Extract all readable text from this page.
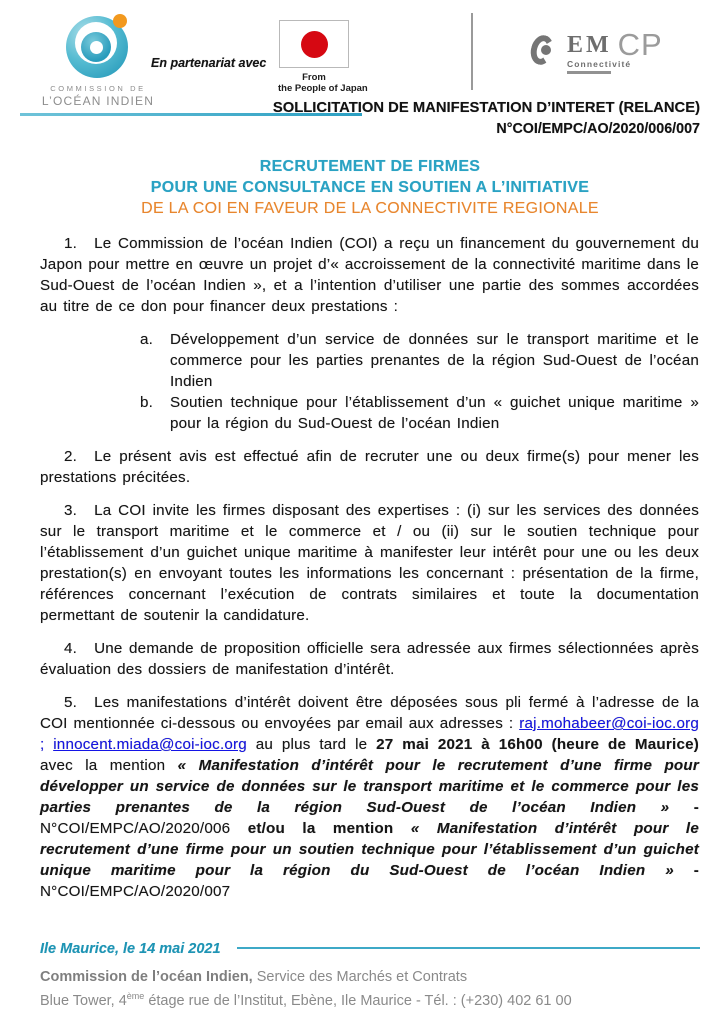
COMMISSION DE
L’OCÉAN INDIEN
En partenariat avec
From
the People of Japan
EM CP
Connectivité
SOLLICITATION DE MANIFESTATION D’INTERET (RELANCE)
N°COI/EMPC/AO/2020/006/007
RECRUTEMENT DE FIRMES
POUR UNE CONSULTANCE EN SOUTIEN A L’INITIATIVE
DE LA COI EN FAVEUR DE LA CONNECTIVITE REGIONALE

1. Le Commission de l’océan Indien (COI) a reçu un financement du gouvernement du Japon pour mettre en œuvre un projet d’« accroissement de la connectivité maritime dans le Sud-Ouest de l’océan Indien », et a l’intention d’utiliser une partie des sommes accordées au titre de ce don pour financer deux prestations :

a.	Développement d’un service de données sur le transport maritime et le commerce pour les parties prenantes de la région Sud-Ouest de l’océan Indien
b.	Soutien technique pour l’établissement d’un « guichet unique maritime » pour la région du Sud-Ouest de l’océan Indien

2. Le présent avis est effectué afin de recruter une ou deux firme(s) pour mener les prestations précitées.

3. La COI invite les firmes disposant des expertises : (i) sur les services des données sur le transport maritime et le commerce et / ou (ii) sur le soutien technique pour l’établissement d’un guichet unique maritime à manifester leur intérêt pour une ou les deux prestation(s) en envoyant toutes les informations les concernant : présentation de la firme, références concernant l’exécution de contrats similaires et toute la documentation permettant de soutenir la candidature.

4. Une demande de proposition officielle sera adressée aux firmes sélectionnées après évaluation des dossiers de manifestation d’intérêt.

5. Les manifestations d’intérêt doivent être déposées sous pli fermé à l’adresse de la COI mentionnée ci-dessous ou envoyées par email aux adresses : raj.mohabeer@coi-ioc.org ; innocent.miada@coi-ioc.org au plus tard le 27 mai 2021 à 16h00 (heure de Maurice) avec la mention « Manifestation d’intérêt pour le recrutement d’une firme pour développer un service de données sur le transport maritime et le commerce pour les parties prenantes de la région Sud-Ouest de l’océan Indien » - N°COI/EMPC/AO/2020/006 et/ou la mention « Manifestation d’intérêt pour le recrutement d’une firme pour un soutien technique pour l’établissement d’un guichet unique maritime pour la région du Sud-Ouest de l’océan Indien » - N°COI/EMPC/AO/2020/007

Ile Maurice, le 14 mai 2021
Commission de l’océan Indien, Service des Marchés et Contrats
Blue Tower, 4ème étage rue de l’Institut, Ebène, Ile Maurice - Tél. : (+230) 402 61 00
